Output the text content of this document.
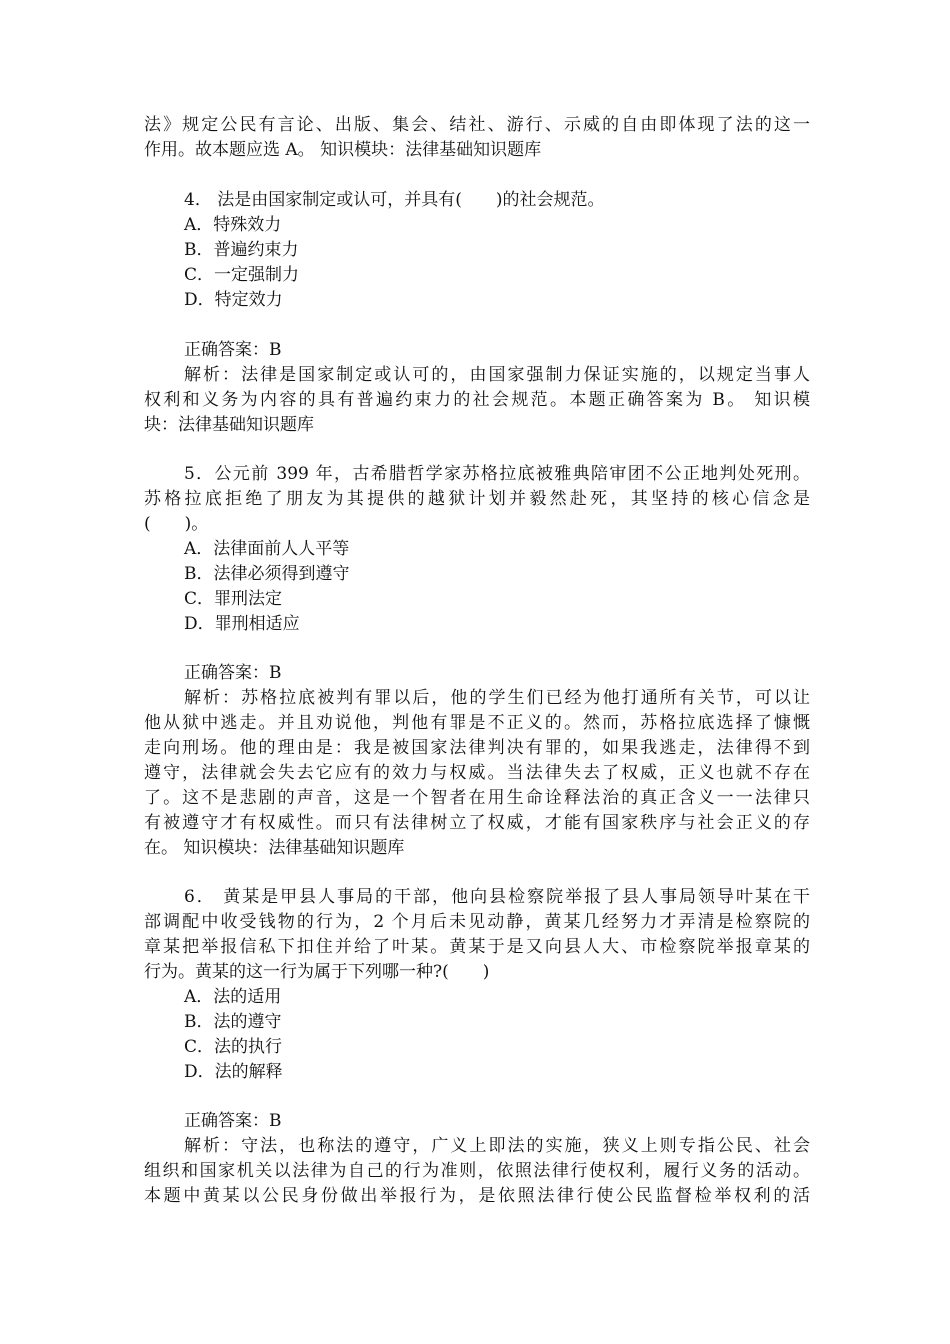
法》规定公民有言论、出版、集会、结社、游行、示威的自由即体现了法的这一
作用。故本题应选 A。 知识模块：法律基础知识题库
4． 法是由国家制定或认可，并具有(　　)的社会规范。
A．特殊效力
B．普遍约束力
C．一定强制力
D．特定效力
正确答案：B
解析：法律是国家制定或认可的，由国家强制力保证实施的，以规定当事人
权利和义务为内容的具有普遍约束力的社会规范。本题正确答案为 B。 知识模
块：法律基础知识题库
5．公元前 399 年，古希腊哲学家苏格拉底被雅典陪审团不公正地判处死刑。
苏格拉底拒绝了朋友为其提供的越狱计划并毅然赴死，其坚持的核心信念是
(　　)。
A．法律面前人人平等
B．法律必须得到遵守
C．罪刑法定
D．罪刑相适应
正确答案：B
解析：苏格拉底被判有罪以后，他的学生们已经为他打通所有关节，可以让
他从狱中逃走。并且劝说他，判他有罪是不正义的。然而，苏格拉底选择了慷慨
走向刑场。他的理由是：我是被国家法律判决有罪的，如果我逃走，法律得不到
遵守，法律就会失去它应有的效力与权威。当法律失去了权威，正义也就不存在
了。这不是悲剧的声音，这是一个智者在用生命诠释法治的真正含义一一法律只
有被遵守才有权威性。而只有法律树立了权威，才能有国家秩序与社会正义的存
在。 知识模块：法律基础知识题库
6． 黄某是甲县人事局的干部，他向县检察院举报了县人事局领导叶某在干
部调配中收受钱物的行为，2 个月后未见动静，黄某几经努力才弄清是检察院的
章某把举报信私下扣住并给了叶某。黄某于是又向县人大、市检察院举报章某的
行为。黄某的这一行为属于下列哪一种?(　　)
A．法的适用
B．法的遵守
C．法的执行
D．法的解释
正确答案：B
解析：守法，也称法的遵守，广义上即法的实施，狭义上则专指公民、社会
组织和国家机关以法律为自己的行为准则，依照法律行使权利，履行义务的活动。
本题中黄某以公民身份做出举报行为，是依照法律行使公民监督检举权利的活
